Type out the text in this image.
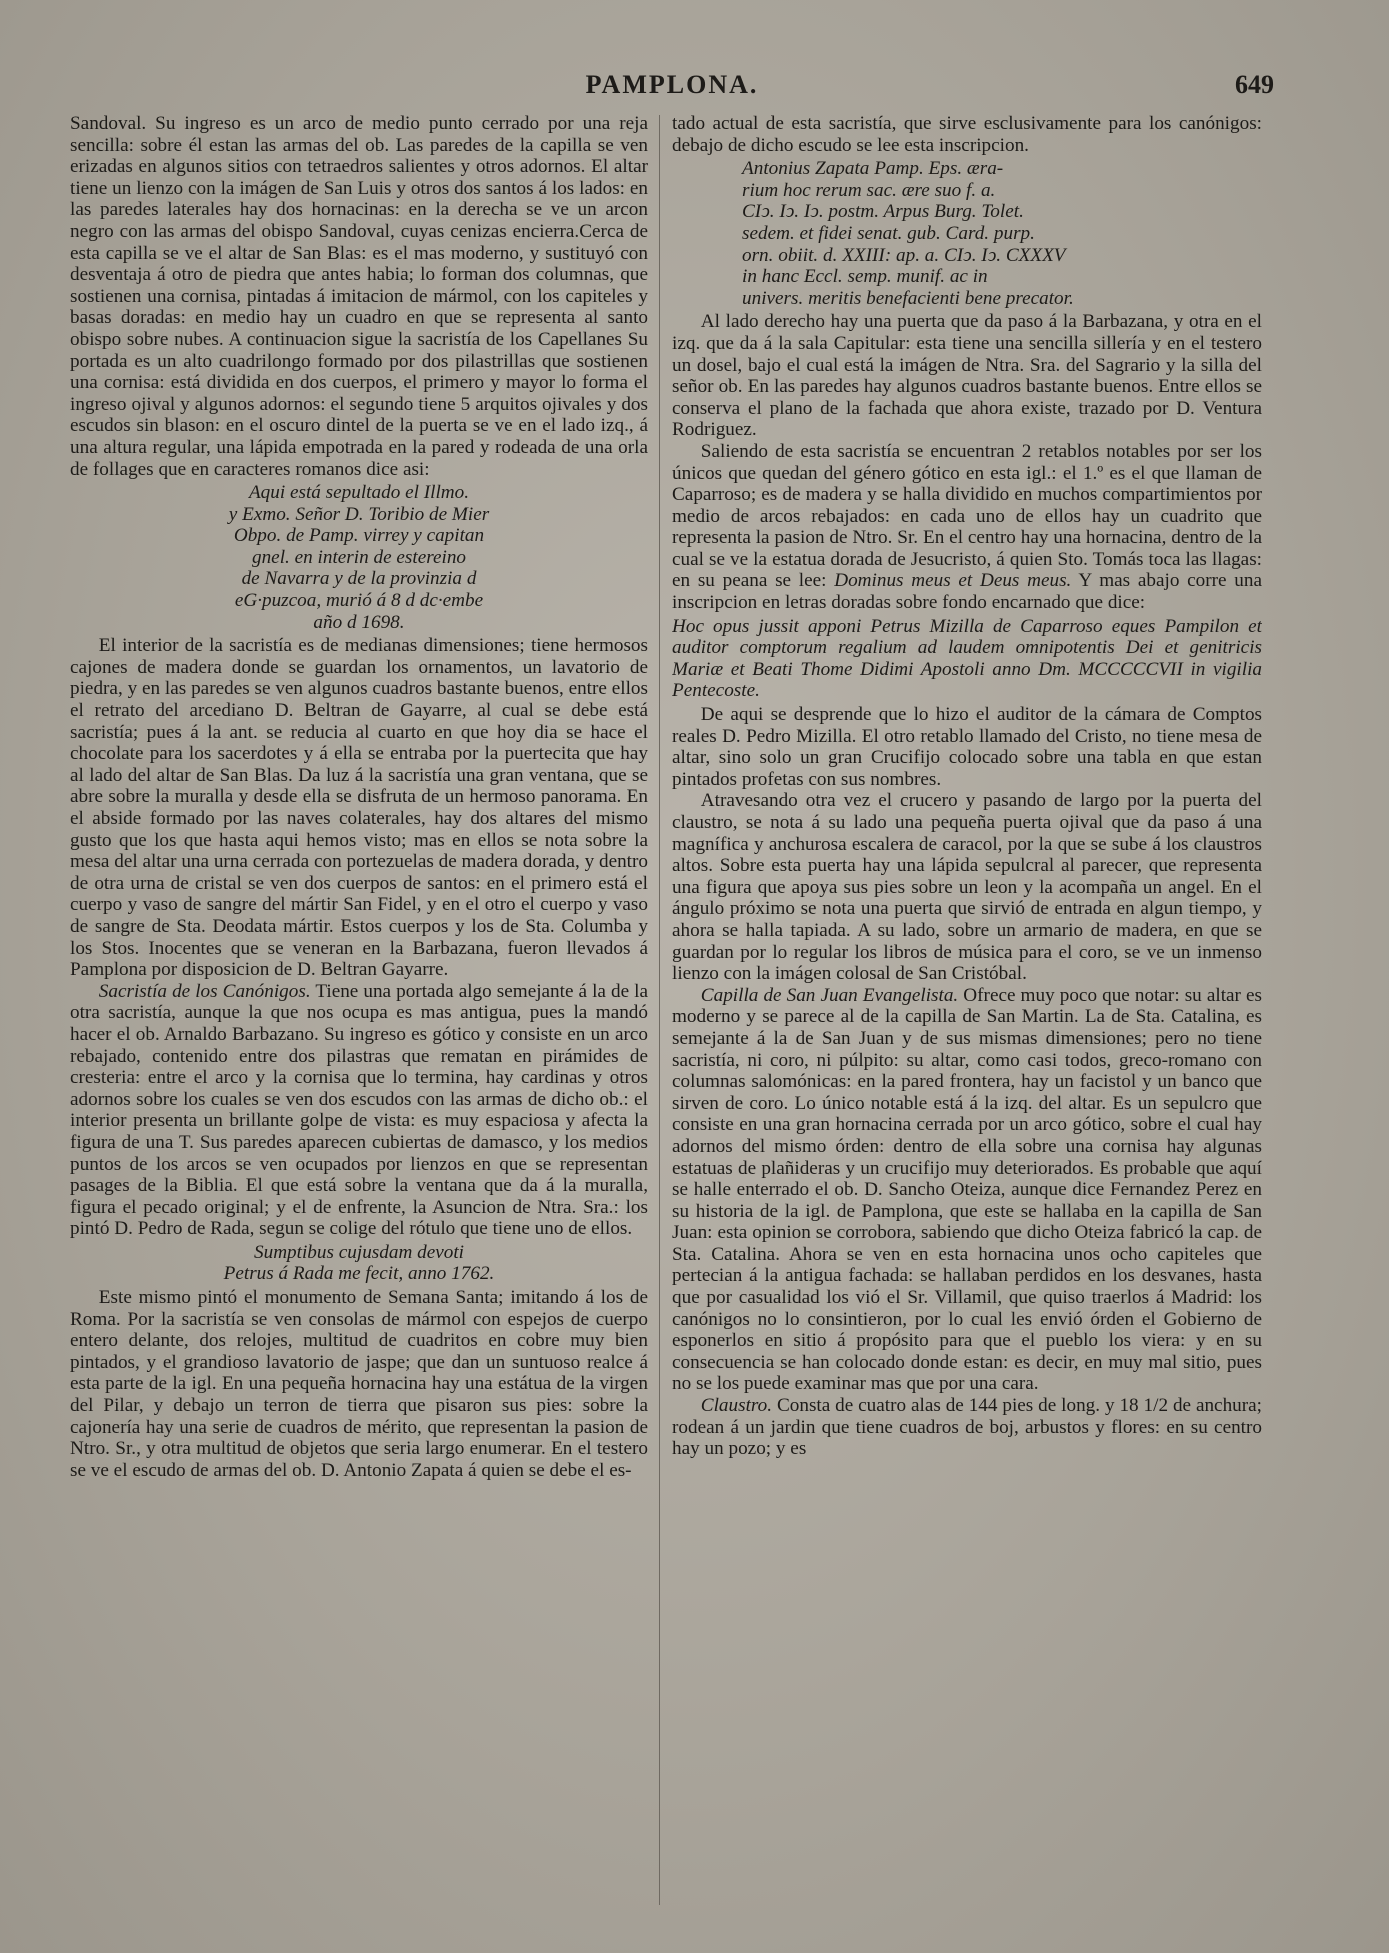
PAMPLONA.	649

Sandoval. Su ingreso es un arco de medio punto cerrado por una reja sencilla: sobre él estan las armas del ob. Las paredes de la capilla se ven erizadas en algunos sitios con tetraedros salientes y otros adornos. El altar tiene un lienzo con la imágen de San Luis y otros dos santos á los lados: en las paredes laterales hay dos hornacinas: en la derecha se ve un arcon negro con las armas del obispo Sandoval, cuyas cenizas encierra.Cerca de esta capilla se ve el altar de San Blas: es el mas moderno, y sustituyó con desventaja á otro de piedra que antes habia; lo forman dos columnas, que sostienen una cornisa, pintadas á imitacion de mármol, con los capiteles y basas doradas: en medio hay un cuadro en que se representa al santo obispo sobre nubes. A continuacion sigue la sacristía de los Capellanes Su portada es un alto cuadrilongo formado por dos pilastrillas que sostienen una cornisa: está dividida en dos cuerpos, el primero y mayor lo forma el ingreso ojival y algunos adornos: el segundo tiene 5 arquitos ojivales y dos escudos sin blason: en el oscuro dintel de la puerta se ve en el lado izq., á una altura regular, una lápida empotrada en la pared y rodeada de una orla de follages que en caracteres romanos dice asi:

Aqui está sepultado el Illmo.
y Exmo. Señor D. Toribio de Mier
Obpo. de Pamp. virrey y capitan
gnel. en interin de estereino
de Navarra y de la provinzia d
eG·puzcoa, murió á 8 d dc·embe
año d 1698.

El interior de la sacristía es de medianas dimensiones; tiene hermosos cajones de madera donde se guardan los ornamentos, un lavatorio de piedra, y en las paredes se ven algunos cuadros bastante buenos, entre ellos el retrato del arcediano D. Beltran de Gayarre, al cual se debe está sacristía; pues á la ant. se reducia al cuarto en que hoy dia se hace el chocolate para los sacerdotes y á ella se entraba por la puertecita que hay al lado del altar de San Blas. Da luz á la sacristía una gran ventana, que se abre sobre la muralla y desde ella se disfruta de un hermoso panorama. En el abside formado por las naves colaterales, hay dos altares del mismo gusto que los que hasta aqui hemos visto; mas en ellos se nota sobre la mesa del altar una urna cerrada con portezuelas de madera dorada, y dentro de otra urna de cristal se ven dos cuerpos de santos: en el primero está el cuerpo y vaso de sangre del mártir San Fidel, y en el otro el cuerpo y vaso de sangre de Sta. Deodata mártir. Estos cuerpos y los de Sta. Columba y los Stos. Inocentes que se veneran en la Barbazana, fueron llevados á Pamplona por disposicion de D. Beltran Gayarre.

Sacristía de los Canónigos. Tiene una portada algo semejante á la de la otra sacristía, aunque la que nos ocupa es mas antigua, pues la mandó hacer el ob. Arnaldo Barbazano. Su ingreso es gótico y consiste en un arco rebajado, contenido entre dos pilastras que rematan en pirámides de cresteria: entre el arco y la cornisa que lo termina, hay cardinas y otros adornos sobre los cuales se ven dos escudos con las armas de dicho ob.: el interior presenta un brillante golpe de vista: es muy espaciosa y afecta la figura de una T. Sus paredes aparecen cubiertas de damasco, y los medios puntos de los arcos se ven ocupados por lienzos en que se representan pasages de la Biblia. El que está sobre la ventana que da á la muralla, figura el pecado original; y el de enfrente, la Asuncion de Ntra. Sra.: los pintó D. Pedro de Rada, segun se colige del rótulo que tiene uno de ellos.

Sumptibus cujusdam devoti
Petrus á Rada me fecit, anno 1762.

Este mismo pintó el monumento de Semana Santa; imitando á los de Roma. Por la sacristía se ven consolas de mármol con espejos de cuerpo entero delante, dos relojes, multitud de cuadritos en cobre muy bien pintados, y el grandioso lavatorio de jaspe; que dan un suntuoso realce á esta parte de la igl. En una pequeña hornacina hay una estátua de la virgen del Pilar, y debajo un terron de tierra que pisaron sus pies: sobre la cajonería hay una serie de cuadros de mérito, que representan la pasion de Ntro. Sr., y otra multitud de objetos que seria largo enumerar. En el testero se ve el escudo de armas del ob. D. Antonio Zapata á quien se debe el es-

tado actual de esta sacristía, que sirve esclusivamente para los canónigos: debajo de dicho escudo se lee esta inscripcion.

Antonius Zapata Pamp. Eps. æra-
rium hoc rerum sac. ære suo f. a.
CIↄ. Iↄ. Iↄ. postm. Arpus Burg. Tolet.
sedem. et fidei senat. gub. Card. purp.
orn. obiit. d. XXIII: ap. a. CIↄ. Iↄ. CXXXV
in hanc Eccl. semp. munif. ac in
univers. meritis benefacienti bene precator.

Al lado derecho hay una puerta que da paso á la Barbazana, y otra en el izq. que da á la sala Capitular: esta tiene una sencilla sillería y en el testero un dosel, bajo el cual está la imágen de Ntra. Sra. del Sagrario y la silla del señor ob. En las paredes hay algunos cuadros bastante buenos. Entre ellos se conserva el plano de la fachada que ahora existe, trazado por D. Ventura Rodriguez.

Saliendo de esta sacristía se encuentran 2 retablos notables por ser los únicos que quedan del género gótico en esta igl.: el 1.º es el que llaman de Caparroso; es de madera y se halla dividido en muchos compartimientos por medio de arcos rebajados: en cada uno de ellos hay un cuadrito que representa la pasion de Ntro. Sr. En el centro hay una hornacina, dentro de la cual se ve la estatua dorada de Jesucristo, á quien Sto. Tomás toca las llagas: en su peana se lee: Dominus meus et Deus meus. Y mas abajo corre una inscripcion en letras doradas sobre fondo encarnado que dice:

Hoc opus jussit apponi Petrus Mizilla de Caparroso eques Pampilon et auditor comptorum regalium ad laudem omnipotentis Dei et genitricis Mariæ et Beati Thome Didimi Apostoli anno Dm. MCCCCCVII in vigilia Pentecoste.

De aqui se desprende que lo hizo el auditor de la cámara de Comptos reales D. Pedro Mizilla. El otro retablo llamado del Cristo, no tiene mesa de altar, sino solo un gran Crucifijo colocado sobre una tabla en que estan pintados profetas con sus nombres.

Atravesando otra vez el crucero y pasando de largo por la puerta del claustro, se nota á su lado una pequeña puerta ojival que da paso á una magnífica y anchurosa escalera de caracol, por la que se sube á los claustros altos. Sobre esta puerta hay una lápida sepulcral al parecer, que representa una figura que apoya sus pies sobre un leon y la acompaña un angel. En el ángulo próximo se nota una puerta que sirvió de entrada en algun tiempo, y ahora se halla tapiada. A su lado, sobre un armario de madera, en que se guardan por lo regular los libros de música para el coro, se ve un inmenso lienzo con la imágen colosal de San Cristóbal.

Capilla de San Juan Evangelista. Ofrece muy poco que notar: su altar es moderno y se parece al de la capilla de San Martin. La de Sta. Catalina, es semejante á la de San Juan y de sus mismas dimensiones; pero no tiene sacristía, ni coro, ni púlpito: su altar, como casi todos, greco-romano con columnas salomónicas: en la pared frontera, hay un facistol y un banco que sirven de coro. Lo único notable está á la izq. del altar. Es un sepulcro que consiste en una gran hornacina cerrada por un arco gótico, sobre el cual hay adornos del mismo órden: dentro de ella sobre una cornisa hay algunas estatuas de plañideras y un crucifijo muy deteriorados. Es probable que aquí se halle enterrado el ob. D. Sancho Oteiza, aunque dice Fernandez Perez en su historia de la igl. de Pamplona, que este se hallaba en la capilla de San Juan: esta opinion se corrobora, sabiendo que dicho Oteiza fabricó la cap. de Sta. Catalina. Ahora se ven en esta hornacina unos ocho capiteles que pertecian á la antigua fachada: se hallaban perdidos en los desvanes, hasta que por casualidad los vió el Sr. Villamil, que quiso traerlos á Madrid: los canónigos no lo consintieron, por lo cual les envió órden el Gobierno de esponerlos en sitio á propósito para que el pueblo los viera: y en su consecuencia se han colocado donde estan: es decir, en muy mal sitio, pues no se los puede examinar mas que por una cara.

Claustro. Consta de cuatro alas de 144 pies de long. y 18 1/2 de anchura; rodean á un jardin que tiene cuadros de boj, arbustos y flores: en su centro hay un pozo; y es
